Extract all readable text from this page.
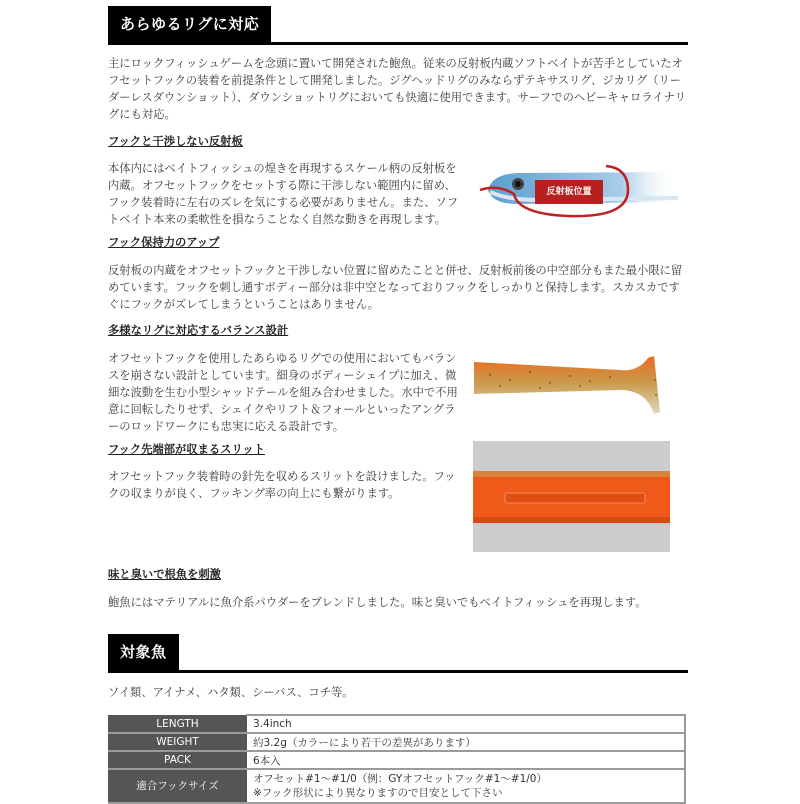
あらゆるリグに対応
主にロックフィッシュゲームを念頭に置いて開発された鮑魚。従来の反射板内蔵ソフトベイトが苦手としていたオフセットフックの装着を前提条件として開発しました。ジグヘッドリグのみならずテキサスリグ、ジカリグ（リーダーレスダウンショット）、ダウンショットリグにおいても快適に使用できます。サーフでのヘビーキャロライナリグにも対応。
フックと干渉しない反射板
本体内にはベイトフィッシュの煌きを再現するスケール柄の反射板を内蔵。オフセットフックをセットする際に干渉しない範囲内に留め、フック装着時に左右のズレを気にする必要がありません。また、ソフトベイト本来の柔軟性を損なうことなく自然な動きを再現します。
反射板位置
フック保持力のアップ
反射板の内蔵をオフセットフックと干渉しない位置に留めたことと併せ、反射板前後の中空部分もまた最小限に留めています。フックを刺し通すボディー部分は非中空となっておりフックをしっかりと保持します。スカスカですぐにフックがズレてしまうということはありません。
多様なリグに対応するバランス設計
オフセットフックを使用したあらゆるリグでの使用においてもバランスを崩さない設計としています。細身のボディーシェイプに加え、微細な波動を生む小型シャッドテールを組み合わせました。水中で不用意に回転したりせず、シェイクやリフト＆フォールといったアングラーのロッドワークにも忠実に応える設計です。
フック先端部が収まるスリット
オフセットフック装着時の針先を収めるスリットを設けました。フックの収まりが良く、フッキング率の向上にも繋がります。
味と臭いで根魚を刺激
鮑魚にはマテリアルに魚介系パウダーをブレンドしました。味と臭いでもベイトフィッシュを再現します。
対象魚
ソイ類、アイナメ、ハタ類、シーバス、コチ等。
LENGTH	3.4inch
WEIGHT	約3.2g（カラーにより若干の差異があります）
PACK	6本入
適合フックサイズ	オフセット#1～#1/0（例：GYオフセットフック#1～#1/0）
※フック形状により異なりますので目安として下さい
